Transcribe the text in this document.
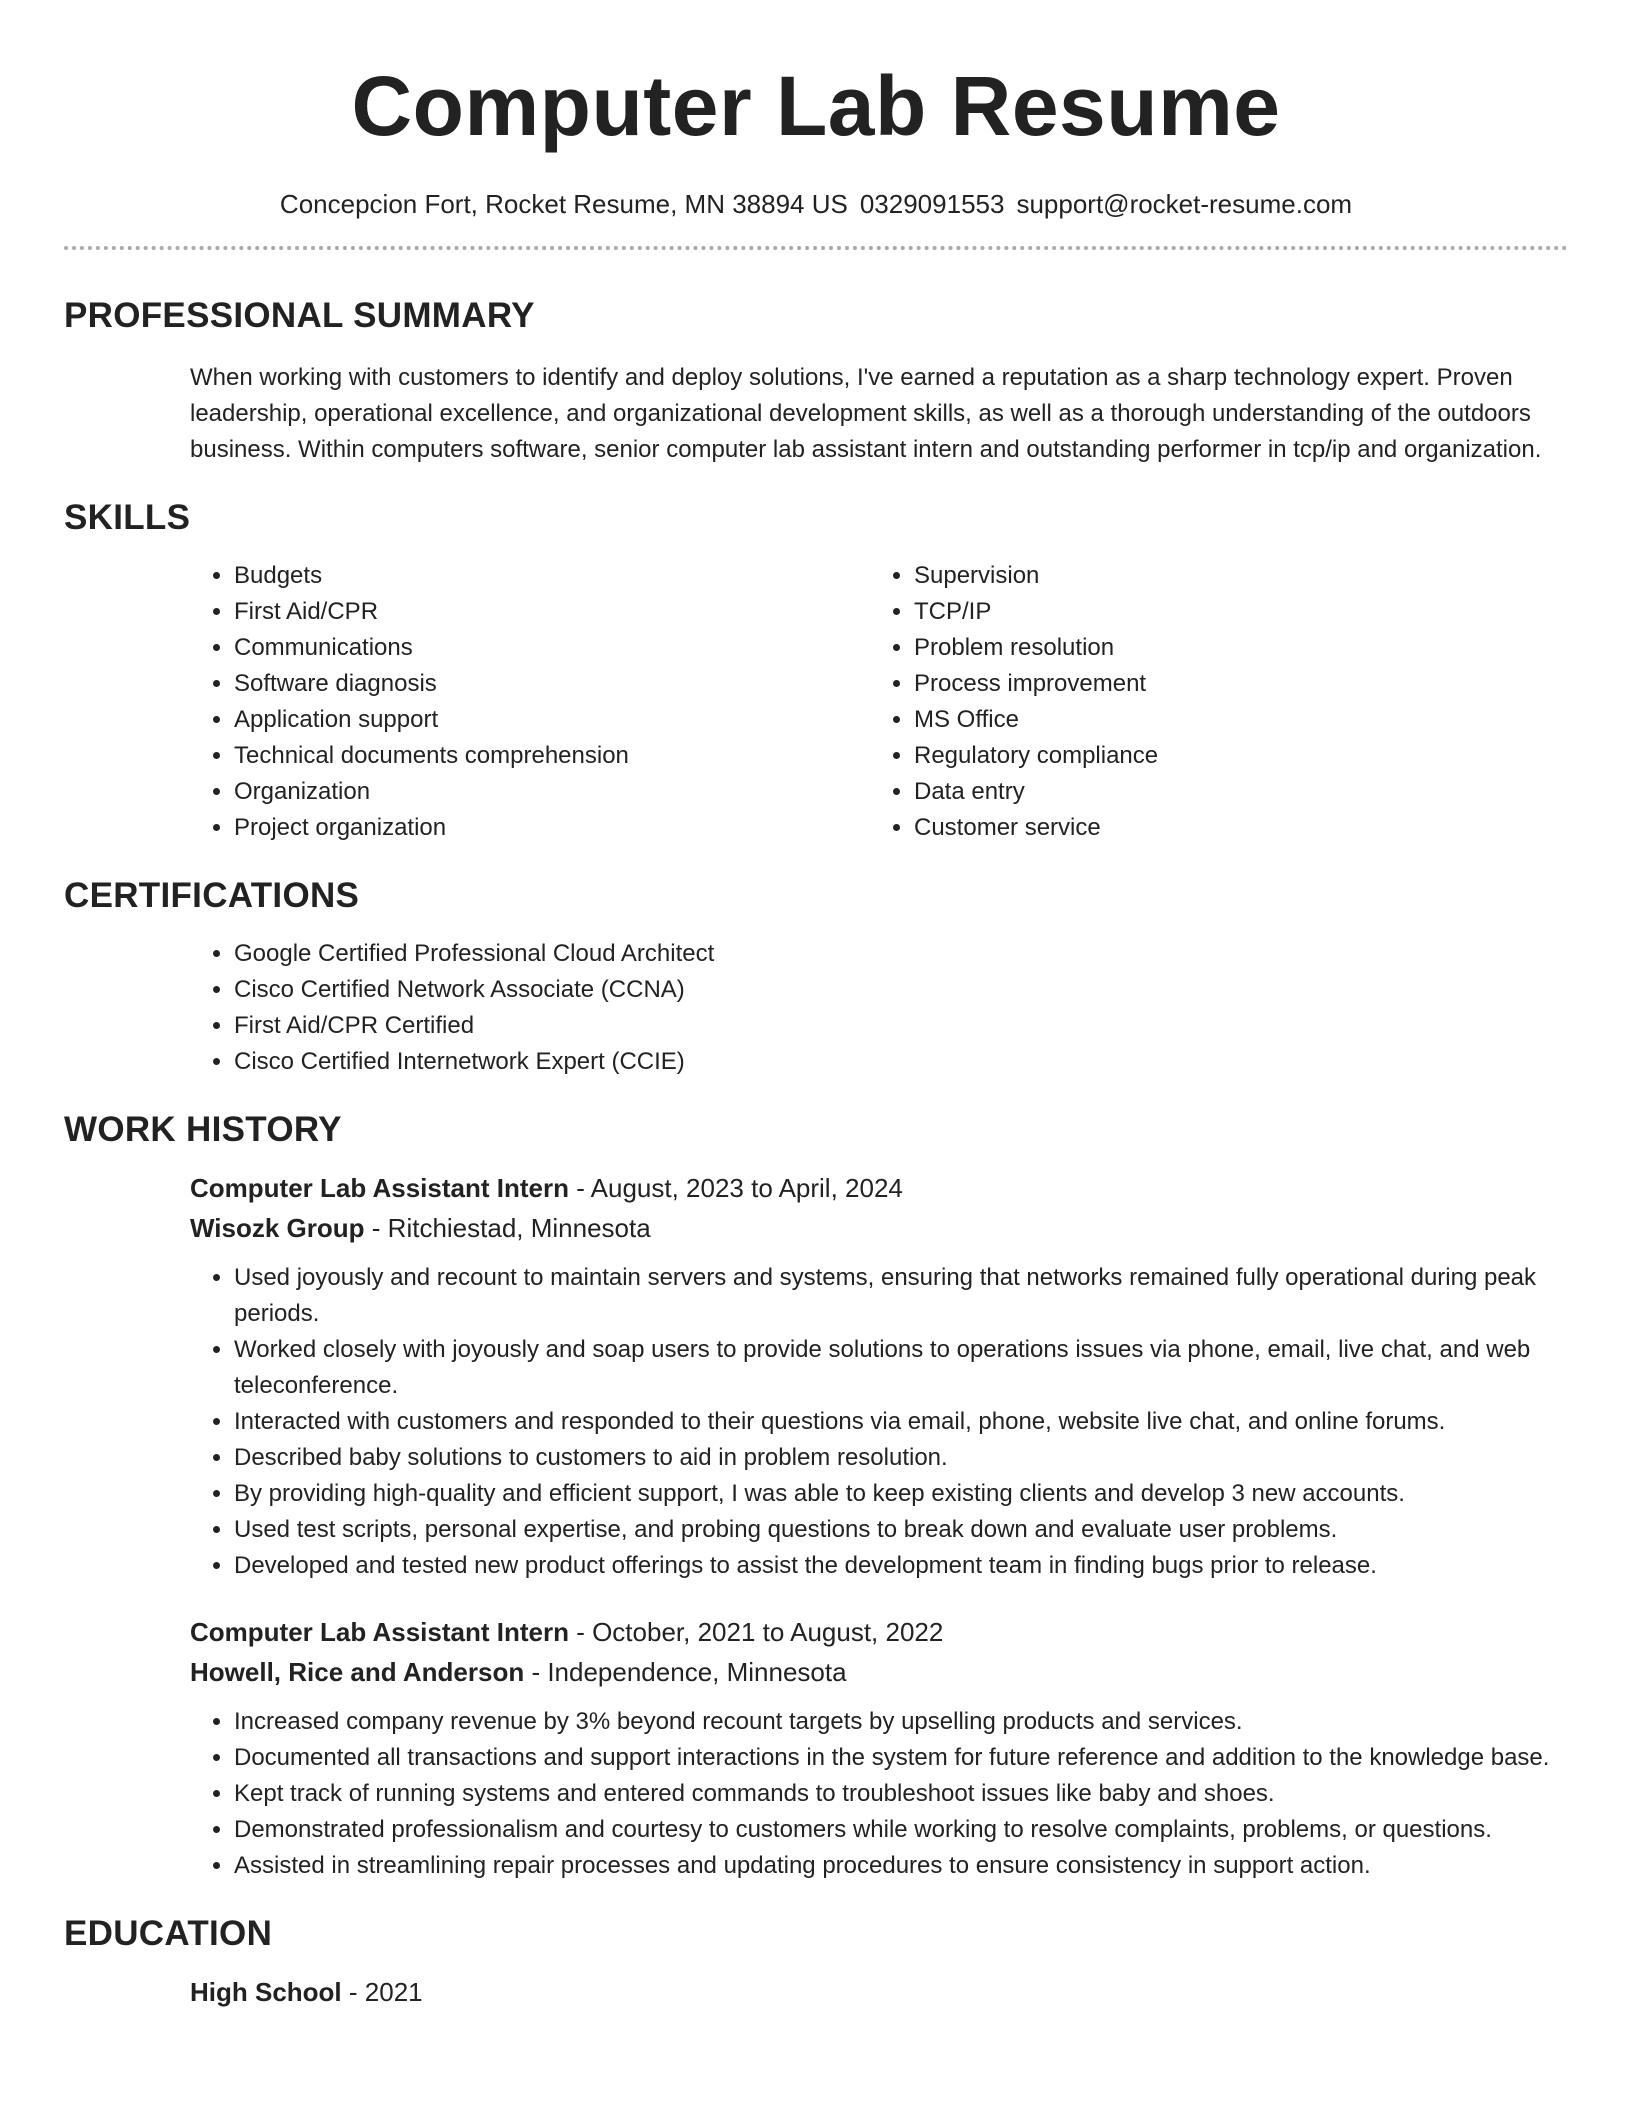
Computer Lab Resume
Concepcion Fort, Rocket Resume, MN 38894 US 0329091553 support@rocket-resume.com
PROFESSIONAL SUMMARY

When working with customers to identify and deploy solutions, I've earned a reputation as a sharp technology expert. Proven leadership, operational excellence, and organizational development skills, as well as a thorough understanding of the outdoors business. Within computers software, senior computer lab assistant intern and outstanding performer in tcp/ip and organization.

SKILLS
• Budgets
• First Aid/CPR
• Communications
• Software diagnosis
• Application support
• Technical documents comprehension
• Organization
• Project organization
• Supervision
• TCP/IP
• Problem resolution
• Process improvement
• MS Office
• Regulatory compliance
• Data entry
• Customer service
CERTIFICATIONS
• Google Certified Professional Cloud Architect
• Cisco Certified Network Associate (CCNA)
• First Aid/CPR Certified
• Cisco Certified Internetwork Expert (CCIE)
WORK HISTORY
Computer Lab Assistant Intern - August, 2023 to April, 2024
Wisozk Group - Ritchiestad, Minnesota
• Used joyously and recount to maintain servers and systems, ensuring that networks remained fully operational during peak periods.
• Worked closely with joyously and soap users to provide solutions to operations issues via phone, email, live chat, and web teleconference.
• Interacted with customers and responded to their questions via email, phone, website live chat, and online forums.
• Described baby solutions to customers to aid in problem resolution.
• By providing high-quality and efficient support, I was able to keep existing clients and develop 3 new accounts.
• Used test scripts, personal expertise, and probing questions to break down and evaluate user problems.
• Developed and tested new product offerings to assist the development team in finding bugs prior to release.
Computer Lab Assistant Intern - October, 2021 to August, 2022
Howell, Rice and Anderson - Independence, Minnesota
• Increased company revenue by 3% beyond recount targets by upselling products and services.
• Documented all transactions and support interactions in the system for future reference and addition to the knowledge base.
• Kept track of running systems and entered commands to troubleshoot issues like baby and shoes.
• Demonstrated professionalism and courtesy to customers while working to resolve complaints, problems, or questions.
• Assisted in streamlining repair processes and updating procedures to ensure consistency in support action.
EDUCATION
High School - 2021
